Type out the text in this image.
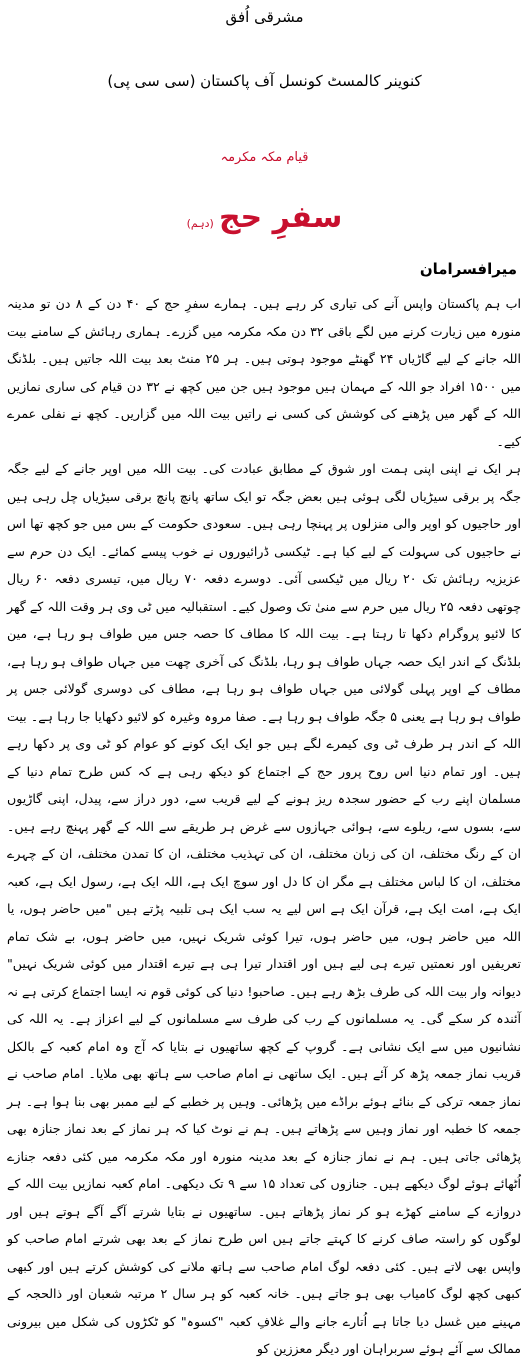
مشرقی اُفق
کنوینر کالمسٹ کونسل آف پاکستان (سی سی پی)
قیام مکہ مکرمہ
سفرِ حج (دہم)
میرافسرامان

اب ہم پاکستان واپس آنے کی تیاری کر رہے ہیں۔ ہمارے سفرِ حج کے ۴۰ دن کے ۸ دن تو مدینہ منورہ میں زیارت کرنے میں لگے باقی ۳۲ دن مکہ مکرمہ میں گزرے۔ ہماری رہائش کے سامنے بیت اللہ جانے کے لیے گاڑیاں ۲۴ گھنٹے موجود ہوتی ہیں۔ ہر ۲۵ منٹ بعد بیت اللہ جاتیں ہیں۔ بلڈنگ میں ۱۵۰۰ افراد جو اللہ کے مہمان ہیں موجود ہیں جن میں کچھ نے ۳۲ دن قیام کی ساری نمازیں اللہ کے گھر میں پڑھنے کی کوشش کی کسی نے راتیں بیت اللہ میں گزاریں۔ کچھ نے نفلی عمرے کیے۔

ہر ایک نے اپنی اپنی ہمت اور شوق کے مطابق عبادت کی۔ بیت اللہ میں اوپر جانے کے لیے جگہ جگہ پر برقی سیڑیاں لگی ہوئی ہیں بعض جگہ تو ایک ساتھ پانچ پانچ برقی سیڑیاں چل رہی ہیں اور حاجیوں کو اوپر والی منزلوں پر پہنچا رہی ہیں۔ سعودی حکومت کے بس میں جو کچھ تھا اس نے حاجیوں کی سہولت کے لیے کیا ہے۔ ٹیکسی ڈرائیوروں نے خوب پیسے کمائے۔ ایک دن حرم سے عزیزیہ رہائش تک ۲۰ ریال میں ٹیکسی آئی۔ دوسرے دفعہ ۷۰ ریال میں، تیسری دفعہ ۶۰ ریال چوتھی دفعہ ۲۵ ریال میں حرم سے منیٰ تک وصول کیے۔ استقبالیہ میں ٹی وی ہر وقت اللہ کے گھر کا لائیو پروگرام دکھا تا رہتا ہے۔ بیت اللہ کا مطاف کا حصہ جس میں طواف ہو رہا ہے، مین بلڈنگ کے اندر ایک حصہ جہاں طواف ہو رہا، بلڈنگ کی آخری چھت میں جہاں طواف ہو رہا ہے، مطاف کے اوپر پہلی گولائی میں جہاں طواف ہو رہا ہے، مطاف کی دوسری گولائی جس پر طواف ہو رہا ہے یعنی ۵ جگہ طواف ہو رہا ہے۔ صفا مروہ وغیرہ کو لائیو دکھایا جا رہا ہے۔ بیت اللہ کے اندر ہر طرف ٹی وی کیمرے لگے ہیں جو ایک ایک کونے کو عوام کو ٹی وی پر دکھا رہے ہیں۔ اور تمام دنیا اس روح پرور حج کے اجتماع کو دیکھ رہی ہے کہ کس طرح تمام دنیا کے مسلمان اپنے رب کے حضور سجدہ ریز ہونے کے لیے قریب سے، دور دراز سے، پیدل، اپنی گاڑیوں سے، بسوں سے، ریلوے سے، ہوائی جہازوں سے غرض ہر طریقے سے اللہ کے گھر پہنچ رہے ہیں۔ ان کے رنگ مختلف، ان کی زبان مختلف، ان کی تہذیب مختلف، ان کا تمدن مختلف، ان کے چہرے مختلف، ان کا لباس مختلف ہے مگر ان کا دل اور سوچ ایک ہے، اللہ ایک ہے، رسول ایک ہے، کعبہ ایک ہے، امت ایک ہے، قرآن ایک ہے اس لیے یہ سب ایک ہی تلبیہ پڑتے ہیں "میں حاضر ہوں، یا اللہ میں حاضر ہوں، میں حاضر ہوں، تیرا کوئی شریک نہیں، میں حاضر ہوں، بے شک تمام تعریفیں اور نعمتیں تیرے ہی لیے ہیں اور اقتدار تیرا ہی ہے تیرے اقتدار میں کوئی شریک نہیں" دیوانہ وار بیت اللہ کی طرف بڑھ رہے ہیں۔ صاحبو! دنیا کی کوئی قوم نہ ایسا اجتماع کرتی ہے نہ آئندہ کر سکے گی۔ یہ مسلمانوں کے رب کی طرف سے مسلمانوں کے لیے اعزاز ہے۔ یہ اللہ کی نشانیوں میں سے ایک نشانی ہے۔ گروپ کے کچھ ساتھیوں نے بتایا کہ آج وہ امام کعبہ کے بالکل قریب نماز جمعہ پڑھ کر آئے ہیں۔ ایک ساتھی نے امام صاحب سے ہاتھ بھی ملایا۔ امام صاحب نے نماز جمعہ ترکی کے بنائے ہوئے براڈے میں پڑھائی۔ وہیں پر خطبے کے لیے ممبر بھی بنا ہوا ہے۔ ہر جمعہ کا خطبہ اور نماز وہیں سے پڑھاتے ہیں۔ ہم نے نوٹ کیا کہ ہر نماز کے بعد نماز جنازہ بھی پڑھائی جاتی ہیں۔ ہم نے نماز جنازہ کے بعد مدینہ منورہ اور مکہ مکرمہ میں کئی دفعہ جنازے اُٹھائے ہوئے لوگ دیکھے ہیں۔ جنازوں کی تعداد ۱۵ سے ۹ تک دیکھی۔ امام کعبہ نمازیں بیت اللہ کے دروازے کے سامنے کھڑے ہو کر نماز پڑھاتے ہیں۔ ساتھیوں نے بتایا شرتے آگے آگے ہوتے ہیں اور لوگوں کو راستہ صاف کرنے کا کہتے جاتے ہیں اس طرح نماز کے بعد بھی شرتے امام صاحب کو واپس بھی لاتے ہیں۔ کئی دفعہ لوگ امام صاحب سے ہاتھ ملانے کی کوشش کرتے ہیں اور کبھی کبھی کچھ لوگ کامیاب بھی ہو جاتے ہیں۔ خانہ کعبہ کو ہر سال ۲ مرتبہ شعبان اور ذالحجہ کے مہینے میں غسل دیا جاتا ہے اُتارے جانے والے غلافِ کعبہ "کسوہ" کو ٹکڑوں کی شکل میں بیرونی ممالک سے آئے ہوئے سربراہان اور دیگر معززین کو
